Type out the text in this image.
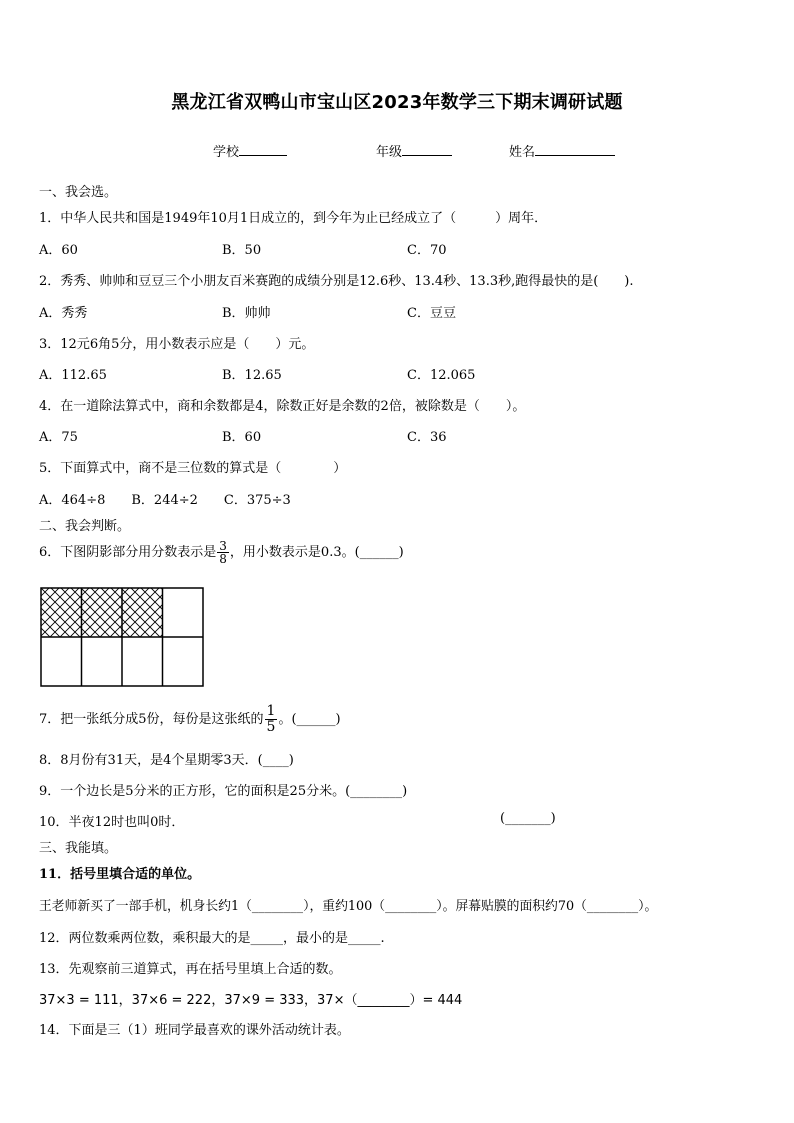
黑龙江省双鸭山市宝山区2023年数学三下期末调研试题
学校	年级	姓名
一、我会选。
1．中华人民共和国是1949年10月1日成立的，到今年为止已经成立了（　　　）周年．
A．60	B．50	C．70
2．秀秀、帅帅和豆豆三个小朋友百米赛跑的成绩分别是12.6秒、13.4秒、13.3秒,跑得最快的是(　　).
A．秀秀	B．帅帅	C．豆豆
3．12元6角5分，用小数表示应是（　　）元。
A．112.65	B．12.65	C．12.065
4．在一道除法算式中，商和余数都是4，除数正好是余数的2倍，被除数是（　　）。
A．75	B．60	C．36
5．下面算式中，商不是三位数的算式是（　　　　）
A．464÷8　　B．244÷2　　C．375÷3
二、我会判断。
6．下图阴影部分用分数表示是 $\frac{3}{8}$ ，用小数表示是0.3。(______)
7．把一张纸分成5份，每份是这张纸的 $\frac{1}{5}$ 。(______)
8．8月份有31天，是4个星期零3天．(____)
9．一个边长是5分米的正方形，它的面积是25分米。(________)
10．半夜12时也叫0时．	(_______)
三、我能填。
11．括号里填合适的单位。
王老师新买了一部手机，机身长约1（________），重约100（________）。屏幕贴膜的面积约70（________）。
12．两位数乘两位数，乘积最大的是_____，最小的是_____.
13．先观察前三道算式，再在括号里填上合适的数。
37×3 = 111，37×6 = 222，37×9 = 333，37×（________）= 444
14．下面是三（1）班同学最喜欢的课外活动统计表。
